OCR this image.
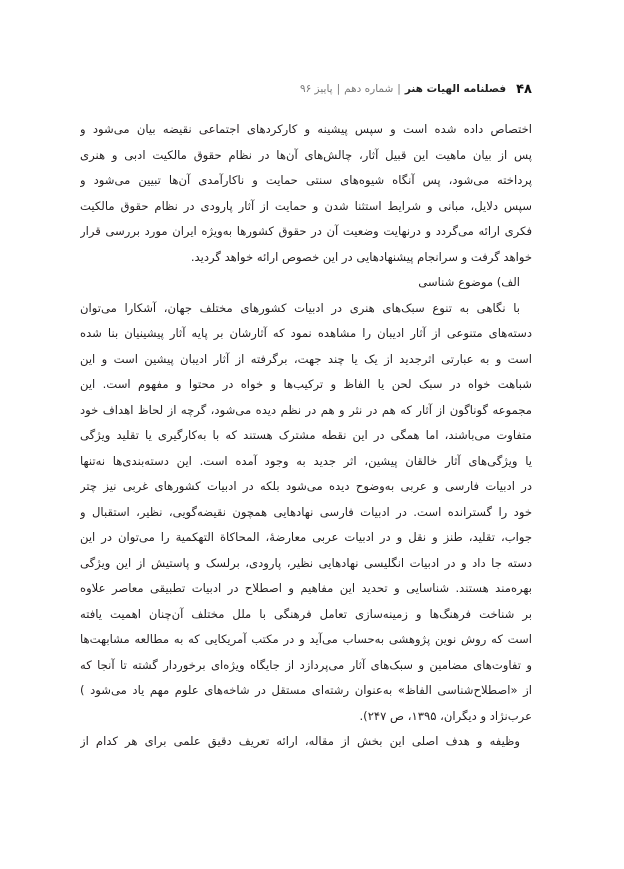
۴۸
فصلنامه الهیات هنر
|
شماره دهم
|
پاییز ۹۶
اختصاص داده شده است و سپس پیشینه و کارکردهای اجتماعی نقیضه بیان می‌شود و
پس از بیان ماهیت این قبیل آثار، چالش‌های آن‌ها در نظام حقوق مالکیت ادبی و هنری
پرداخته می‌شود، پس آنگاه شیوه‌های سنتی حمایت و ناکارآمدی آن‌ها تبیین می‌شود و
سپس دلایل، مبانی و شرایط استثنا شدن و حمایت از آثار پارودی در نظام حقوق مالکیت
فکری ارائه می‌گردد و درنهایت وضعیت آن در حقوق کشورها به‌ویژه ایران مورد بررسی قرار
خواهد گرفت و سرانجام پیشنهادهایی در این خصوص ارائه خواهد گردید.
الف) موضوع شناسی
با نگاهی به تنوع سبک‌های هنری در ادبیات کشورهای مختلف جهان، آشکارا می‌توان
دسته‌های متنوعی از آثار ادیبان را مشاهده نمود که آثارشان بر پایه آثار پیشینیان بنا شده
است و به عبارتی اثرجدید از یک یا چند جهت، برگرفته از آثار ادیبان پیشین است و این
شباهت خواه در سبک لحن یا الفاظ و ترکیب‌ها و خواه در محتوا و مفهوم است. این
مجموعه گوناگون از آثار که هم در نثر و هم در نظم دیده می‌شود، گرچه از لحاظ اهداف خود
متفاوت می‌باشند، اما همگی در این نقطه مشترک هستند که با به‌کارگیری یا تقلید ویژگی
یا ویژگی‌های آثار خالقان پیشین، اثر جدید به وجود آمده است. این دسته‌بندی‌ها نه‌تنها
در ادبیات فارسی و عربی به‌وضوح دیده می‌شود بلکه در ادبیات کشورهای غربی نیز چتر
خود را گسترانده است. در ادبیات فارسی نهادهایی همچون نقیضه‌گویی، نظیر، استقبال و
جواب، تقلید، طنز و نقل و در ادبیات عربی معارضهٔ، المحاکاة التهکمیة را می‌توان در این
دسته جا داد و در ادبیات انگلیسی نهادهایی نظیر، پارودی، برلسک و پاستیش از این ویژگی
بهره‌مند هستند. شناسایی و تحدید این مفاهیم و اصطلاح در ادبیات تطبیقی معاصر علاوه
بر شناخت فرهنگ‌ها و زمینه‌سازی تعامل فرهنگی با ملل مختلف آن‌چنان اهمیت یافته
است که روش نوین پژوهشی به‌حساب می‌آید و در مکتب آمریکایی که به مطالعه مشابهت‌ها
و تفاوت‌های مضامین و سبک‌های آثار می‌پردازد از جایگاه ویژه‌ای برخوردار گشته تا آنجا که
از «اصطلاح‌شناسی الفاظ» به‌عنوان رشته‌ای مستقل در شاخه‌های علوم مهم یاد می‌شود )
عرب‌نژاد و دیگران، ۱۳۹۵، ص ۲۴۷).
وظیفه و هدف اصلی این بخش از مقاله، ارائه تعریف دقیق علمی برای هر کدام از
